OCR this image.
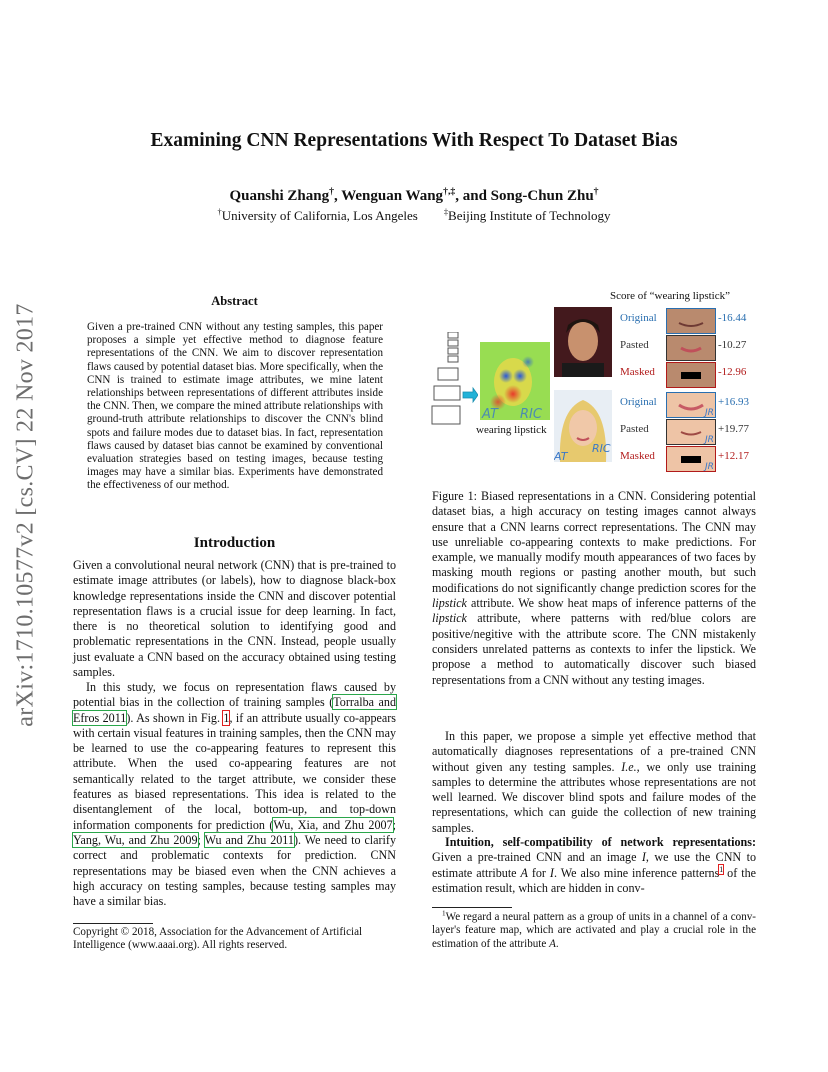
Examining CNN Representations With Respect To Dataset Bias
Quanshi Zhang†, Wenguan Wang†,‡, and Song-Chun Zhu†
†University of California, Los Angeles	‡Beijing Institute of Technology
arXiv:1710.10577v2 [cs.CV] 22 Nov 2017
Abstract
Given a pre-trained CNN without any testing samples, this paper proposes a simple yet effective method to diagnose feature representations of the CNN. We aim to discover representation flaws caused by potential dataset bias. More specifically, when the CNN is trained to estimate image attributes, we mine latent relationships between representations of different attributes inside the CNN. Then, we compare the mined attribute relationships with ground-truth attribute relationships to discover the CNN's blind spots and failure modes due to dataset bias. In fact, representation flaws caused by dataset bias cannot be examined by conventional evaluation strategies based on testing images, because testing images may have a similar bias. Experiments have demonstrated the effectiveness of our method.
Introduction
Given a convolutional neural network (CNN) that is pre-trained to estimate image attributes (or labels), how to diagnose black-box knowledge representations inside the CNN and discover potential representation flaws is a crucial issue for deep learning. In fact, there is no theoretical solution to identifying good and problematic representations in the CNN. Instead, people usually just evaluate a CNN based on the accuracy obtained using testing samples.
In this study, we focus on representation flaws caused by potential bias in the collection of training samples (Torralba and Efros 2011). As shown in Fig. 1, if an attribute usually co-appears with certain visual features in training samples, then the CNN may be learned to use the co-appearing features to represent this attribute. When the used co-appearing features are not semantically related to the target attribute, we consider these features as biased representations. This idea is related to the disentanglement of the local, bottom-up, and top-down information components for prediction (Wu, Xia, and Zhu 2007; Yang, Wu, and Zhu 2009; Wu and Zhu 2011). We need to clarify correct and problematic contexts for prediction. CNN representations may be biased even when the CNN achieves a high accuracy on testing samples, because testing samples may have a similar bias.
Copyright © 2018, Association for the Advancement of Artificial Intelligence (www.aaai.org). All rights reserved.
Score of “wearing lipstick”
AT RIC
wearing lipstick
AT
RIC
Original
Pasted
Masked
Original
Pasted
Masked
JR
JR
JR
-16.44
-10.27
-12.96
+16.93
+19.77
+12.17
Figure 1: Biased representations in a CNN. Considering potential dataset bias, a high accuracy on testing images cannot always ensure that a CNN learns correct representations. The CNN may use unreliable co-appearing contexts to make predictions. For example, we manually modify mouth appearances of two faces by masking mouth regions or pasting another mouth, but such modifications do not significantly change prediction scores for the lipstick attribute. We show heat maps of inference patterns of the lipstick attribute, where patterns with red/blue colors are positive/negitive with the attribute score. The CNN mistakenly considers unrelated patterns as contexts to infer the lipstick. We propose a method to automatically discover such biased representations from a CNN without any testing images.
In this paper, we propose a simple yet effective method that automatically diagnoses representations of a pre-trained CNN without given any testing samples. I.e., we only use training samples to determine the attributes whose representations are not well learned. We discover blind spots and failure modes of the representations, which can guide the collection of new training samples.
Intuition, self-compatibility of network representations: Given a pre-trained CNN and an image I, we use the CNN to estimate attribute A for I. We also mine inference patterns$^1$ of the estimation result, which are hidden in conv-
$^1$We regard a neural pattern as a group of units in a channel of a conv-layer's feature map, which are activated and play a crucial role in the estimation of the attribute A.
